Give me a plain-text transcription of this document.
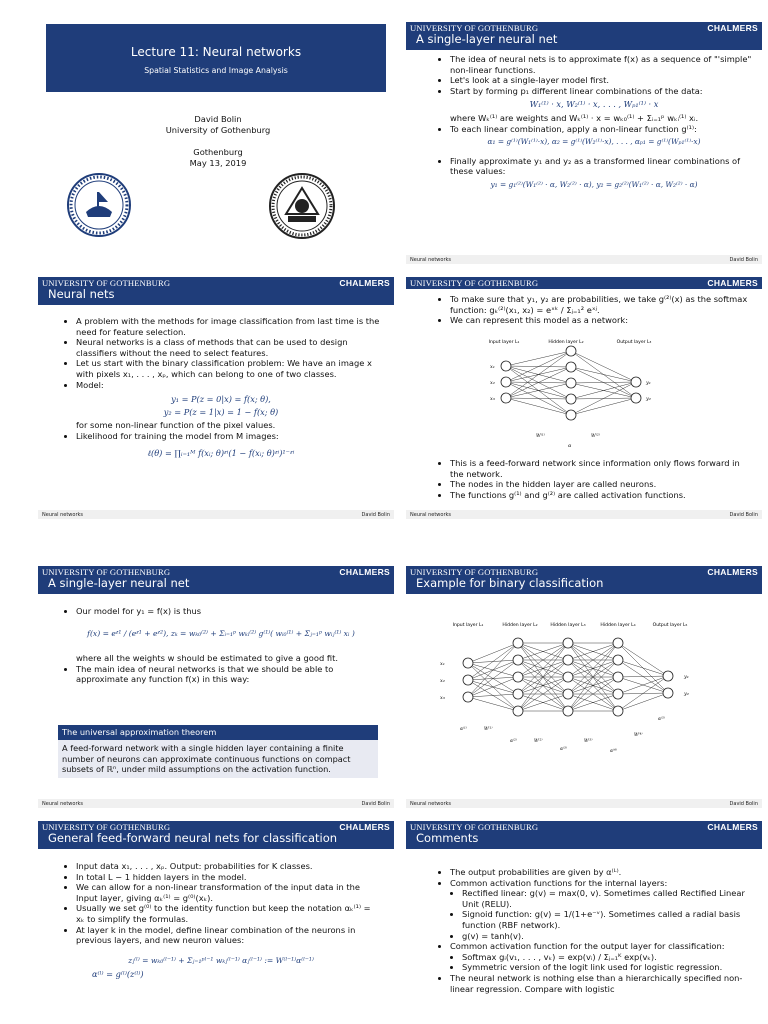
Lecture 11: Neural networks
Spatial Statistics and Image Analysis
David Bolin
University of Gothenburg
Gothenburg
May 13, 2019
UNIVERSITY OF GOTHENBURG	CHALMERS
A single-layer neural net
• The idea of neural nets is to approximate f(x) as a sequence of "'simple" non-linear functions.
• Let's look at a single-layer model first.
• Start by forming p₁ different linear combinations of the data:
W₁⁽¹⁾ · x, W₂⁽¹⁾ · x, . . . , Wₚ₁⁽¹⁾ · x
where Wₖ⁽¹⁾ are weights and Wₖ⁽¹⁾ · x = wₖ₀⁽¹⁾ + Σᵢ₌₁ᵖ wₖᵢ⁽¹⁾ xᵢ.
• To each linear combination, apply a non-linear function g⁽¹⁾:
α₁ = g⁽¹⁾(W₁⁽¹⁾·x), α₂ = g⁽¹⁾(W₂⁽¹⁾·x), . . . , αₚ₁ = g⁽¹⁾(Wₚ₁⁽¹⁾·x)
• Finally approximate y₁ and y₂ as a transformed linear combinations of these values:
y₁ = g₁⁽²⁾(W₁⁽²⁾ · α, W₂⁽²⁾ · α), y₂ = g₂⁽²⁾(W₁⁽²⁾ · α, W₂⁽²⁾ · α)
Neural networks	David Bolin
UNIVERSITY OF GOTHENBURG	CHALMERS
Neural nets
• A problem with the methods for image classification from last time is the need for feature selection.
• Neural networks is a class of methods that can be used to design classifiers without the need to select features.
• Let us start with the binary classification problem: We have an image x with pixels x₁, . . . , xₚ, which can belong to one of two classes.
• Model:
y₁ = P(z = 0|x) = f(x; θ),
y₂ = P(z = 1|x) = 1 − f(x; θ)
for some non-linear function of the pixel values.
• Likelihood for training the model from M images:
ℓ(θ) = ∏ᵢ₌₁ᴹ f(xᵢ; θ)ᶻⁱ(1 − f(xᵢ; θ)ᶻⁱ)¹⁻ᶻⁱ
Neural networks	David Bolin
UNIVERSITY OF GOTHENBURG	CHALMERS
• To make sure that y₁, y₂ are probabilities, we take g⁽²⁾(x) as the softmax function: gₖ⁽²⁾(x₁, x₂) = eˣᵏ / Σⱼ₌₁² eˣʲ.
• We can represent this model as a network:
Input layer L₁	Hidden layer L₂	Output layer L₃
x₁
x₂
x₃
y₁
y₂
W⁽¹⁾	W⁽²⁾
α
• This is a feed-forward network since information only flows forward in the network.
• The nodes in the hidden layer are called neurons.
• The functions g⁽¹⁾ and g⁽²⁾ are called activation functions.
Neural networks	David Bolin
UNIVERSITY OF GOTHENBURG	CHALMERS
A single-layer neural net
• Our model for y₁ = f(x) is thus
f(x) = eᶻ¹ / (eᶻ¹ + eᶻ²), zₖ = wₖ₀⁽²⁾ + Σᵢ₌₁ᵖ wₖᵢ⁽²⁾ g⁽¹⁾( wᵢ₀⁽¹⁾ + Σⱼ₌₁ᵖ wᵢⱼ⁽¹⁾ xᵢ )
where all the weights w should be estimated to give a good fit.
• The main idea of neural networks is that we should be able to approximate any function f(x) in this way:
The universal approximation theorem
A feed-forward network with a single hidden layer containing a finite number of neurons can approximate continuous functions on compact subsets of ℝⁿ, under mild assumptions on the activation function.
Neural networks	David Bolin
UNIVERSITY OF GOTHENBURG	CHALMERS
Example for binary classification
Input layer L₁	Hidden layer L₂	Hidden layer L₃	Hidden layer L₄	Output layer L₅
x₁
x₂
x₃
y₁
y₂
α⁽¹⁾
α⁽²⁾
α⁽³⁾	α⁽⁴⁾
α⁽⁵⁾
W⁽¹⁾
W⁽²⁾	W⁽³⁾
W⁽⁴⁾
Neural networks	David Bolin
UNIVERSITY OF GOTHENBURG	CHALMERS
General feed-forward neural nets for classification
• Input data x₁, . . . , xₚ. Output: probabilities for K classes.
• In total L − 1 hidden layers in the model.
• We can allow for a non-linear transformation of the input data in the Input layer, giving αₖ⁽¹⁾ = g⁽⁰⁾(xₖ).
• Usually we set g⁽⁰⁾ to the identity function but keep the notation αₖ⁽¹⁾ = xₖ to simplify the formulas.
• At layer k in the model, define linear combination of the neurons in previous layers, and new neuron values:
zⱼ⁽ˡ⁾ = wₖ₀⁽ˡ⁻¹⁾ + Σⱼ₌₁ᵖˡ⁻¹ wₖⱼ⁽ˡ⁻¹⁾ αⱼ⁽ˡ⁻¹⁾ := W⁽ˡ⁻¹⁾α⁽ˡ⁻¹⁾
α⁽ˡ⁾ = g⁽ˡ⁾(z⁽ˡ⁾)
UNIVERSITY OF GOTHENBURG	CHALMERS
Comments
• The output probabilities are given by α⁽ᴸ⁾.
• Common activation functions for the internal layers:
• Rectified linear: g(v) = max(0, v). Sometimes called Rectified Linear Unit (RELU).
• Signoid function: g(v) = 1/(1+e⁻ᵛ). Sometimes called a radial basis function (RBF network).
• g(v) = tanh(v).
• Common activation function for the output layer for classification:
• Softmax gᵢ(v₁, . . . , vₖ) = exp(vᵢ) / Σⱼ₌₁ᴷ exp(vₖ).
• Symmetric version of the logit link used for logistic regression.
• The neural network is nothing else than a hierarchically specified non-linear regression. Compare with logistic
